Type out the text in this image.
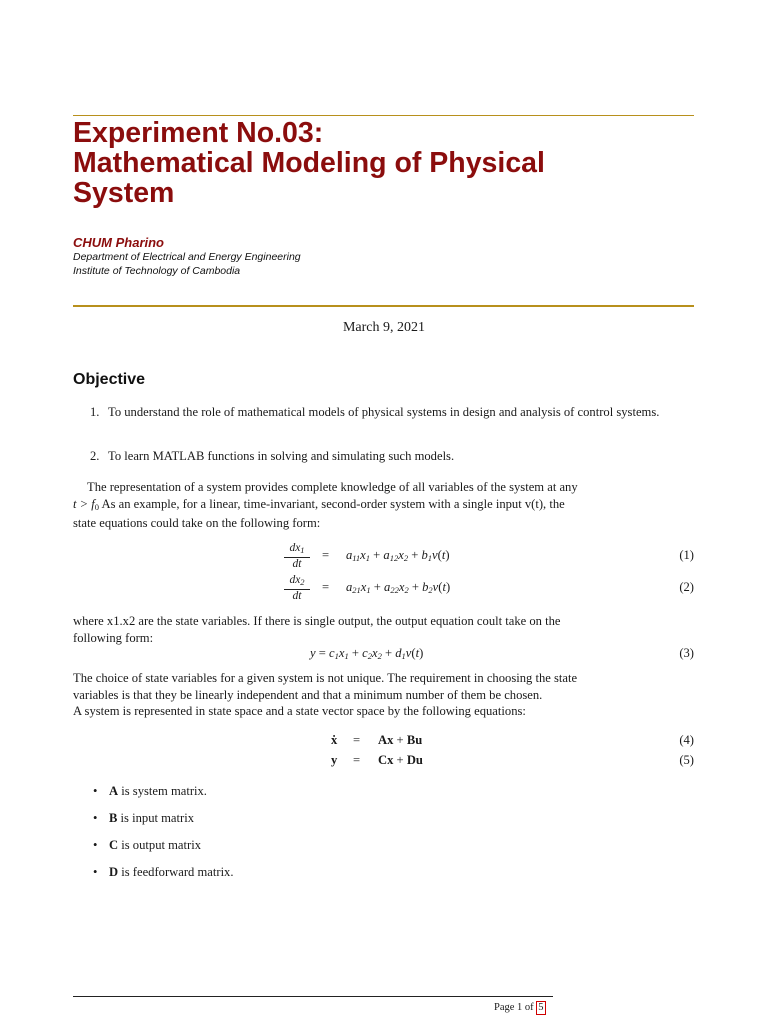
Experiment No.03:
Mathematical Modeling of Physical
System
CHUM Pharino
Department of Electrical and Energy Engineering
Institute of Technology of Cambodia
March 9, 2021
Objective
1. To understand the role of mathematical models of physical systems in design and analysis of control systems.
2. To learn MATLAB functions in solving and simulating such models.
The representation of a system provides complete knowledge of all variables of the system at any
$t > f_0$ As an example, for a linear, time-invariant, second-order system with a single input v(t), the
state equations could take on the following form:
$\frac{dx_1}{dt} = a_{11}x_1 + a_{12}x_2 + b_1v(t)$	(1)
$\frac{dx_2}{dt} = a_{21}x_1 + a_{22}x_2 + b_2v(t)$	(2)
where x1.x2 are the state variables. If there is single output, the output equation coult take on the
following form:
$y = c_1x_1 + c_2x_2 + d_1v(t)$	(3)
The choice of state variables for a given system is not unique. The requirement in choosing the state
variables is that they be linearly independent and that a minimum number of them be chosen.
A system is represented in state space and a state vector space by the following equations:
ẋ = Ax + Bu	(4)
y = Cx + Du	(5)
• A is system matrix.
• B is input matrix
• C is output matrix
• D is feedforward matrix.
Page 1 of 5
